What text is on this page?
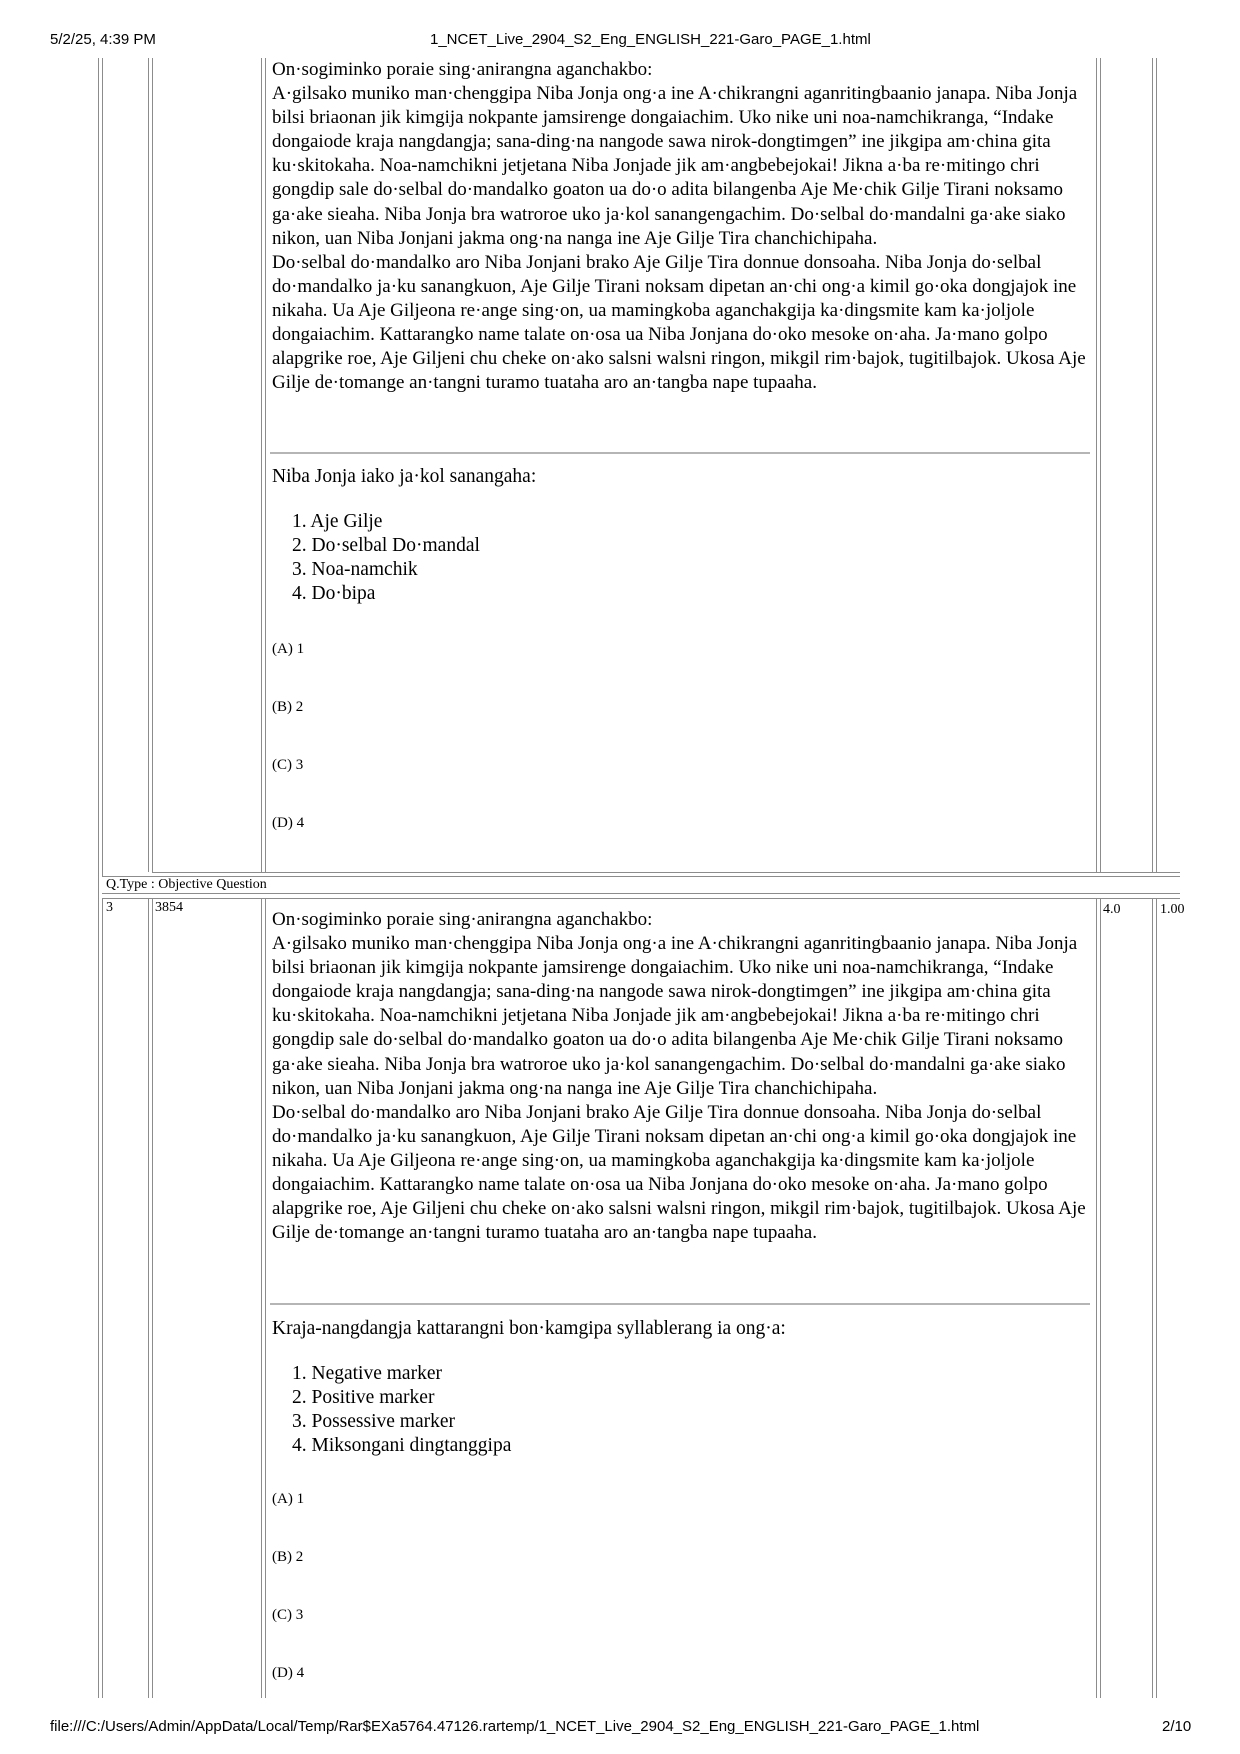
5/2/25, 4:39 PM	1_NCET_Live_2904_S2_Eng_ENGLISH_221-Garo_PAGE_1.html

On·sogiminko poraie sing·anirangna aganchakbo:

A·gilsako muniko man·chenggipa Niba Jonja ong·a ine A·chikrangni aganritingbaanio janapa. Niba Jonja bilsi briaonan jik kimgija nokpante jamsirenge dongaiachim. Uko nike uni noa-namchikranga, “Indake dongaiode kraja nangdangja; sana-ding·na nangode sawa nirok-dongtimgen” ine jikgipa am·china gita ku·skitokaha. Noa-namchikni jetjetana Niba Jonjade jik am·angbebejokai! Jikna a·ba re·mitingo chri gongdip sale do·selbal do·mandalko goaton ua do·o adita bilangenba Aje Me·chik Gilje Tirani noksamo ga·ake sieaha. Niba Jonja bra watroroe uko ja·kol sanangengachim. Do·selbal do·mandalni ga·ake siako nikon, uan Niba Jonjani jakma ong·na nanga ine Aje Gilje Tira chanchichipaha.

Do·selbal do·mandalko aro Niba Jonjani brako Aje Gilje Tira donnue donsoaha. Niba Jonja do·selbal do·mandalko ja·ku sanangkuon, Aje Gilje Tirani noksam dipetan an·chi ong·a kimil go·oka dongjajok ine nikaha. Ua Aje Giljeona re·ange sing·on, ua mamingkoba aganchakgija ka·dingsmite kam ka·joljole dongaiachim. Kattarangko name talate on·osa ua Niba Jonjana do·oko mesoke on·aha. Ja·mano golpo alapgrike roe, Aje Giljeni chu cheke on·ako salsni walsni ringon, mikgil rim·bajok, tugitilbajok. Ukosa Aje Gilje de·tomange an·tangni turamo tuataha aro an·tangba nape tupaaha.

Niba Jonja iako ja·kol sanangaha:
1. Aje Gilje
2. Do·selbal Do·mandal
3. Noa-namchik
4. Do·bipa
(A) 1
(B) 2
(C) 3
(D) 4
Q.Type : Objective Question
3	3854	4.0	1.00

On·sogiminko poraie sing·anirangna aganchakbo:

A·gilsako muniko man·chenggipa Niba Jonja ong·a ine A·chikrangni aganritingbaanio janapa. Niba Jonja bilsi briaonan jik kimgija nokpante jamsirenge dongaiachim. Uko nike uni noa-namchikranga, “Indake dongaiode kraja nangdangja; sana-ding·na nangode sawa nirok-dongtimgen” ine jikgipa am·china gita ku·skitokaha. Noa-namchikni jetjetana Niba Jonjade jik am·angbebejokai! Jikna a·ba re·mitingo chri gongdip sale do·selbal do·mandalko goaton ua do·o adita bilangenba Aje Me·chik Gilje Tirani noksamo ga·ake sieaha. Niba Jonja bra watroroe uko ja·kol sanangengachim. Do·selbal do·mandalni ga·ake siako nikon, uan Niba Jonjani jakma ong·na nanga ine Aje Gilje Tira chanchichipaha.

Do·selbal do·mandalko aro Niba Jonjani brako Aje Gilje Tira donnue donsoaha. Niba Jonja do·selbal do·mandalko ja·ku sanangkuon, Aje Gilje Tirani noksam dipetan an·chi ong·a kimil go·oka dongjajok ine nikaha. Ua Aje Giljeona re·ange sing·on, ua mamingkoba aganchakgija ka·dingsmite kam ka·joljole dongaiachim. Kattarangko name talate on·osa ua Niba Jonjana do·oko mesoke on·aha. Ja·mano golpo alapgrike roe, Aje Giljeni chu cheke on·ako salsni walsni ringon, mikgil rim·bajok, tugitilbajok. Ukosa Aje Gilje de·tomange an·tangni turamo tuataha aro an·tangba nape tupaaha.

Kraja-nangdangja kattarangni bon·kamgipa syllablerang ia ong·a:
1. Negative marker
2. Positive marker
3. Possessive marker
4. Miksongani dingtanggipa
(A) 1
(B) 2
(C) 3
(D) 4
file:///C:/Users/Admin/AppData/Local/Temp/Rar$EXa5764.47126.rartemp/1_NCET_Live_2904_S2_Eng_ENGLISH_221-Garo_PAGE_1.html	2/10
